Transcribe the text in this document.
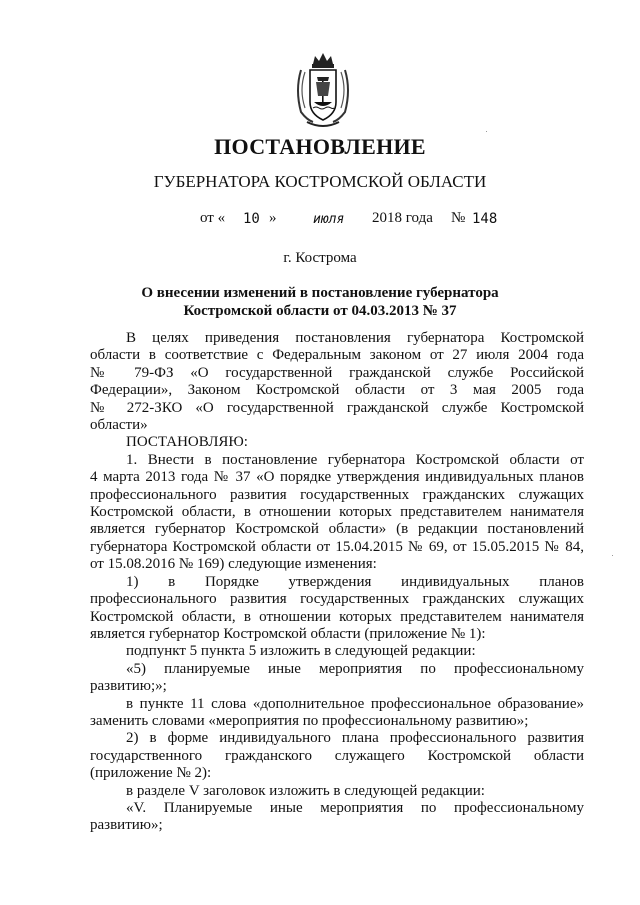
ПОСТАНОВЛЕНИЕ
ГУБЕРНАТОРА КОСТРОМСКОЙ ОБЛАСТИ
от « 10 »	июля 2018 года № 148
г. Кострома
О внесении изменений в постановление губернатора
Костромской области от 04.03.2013 № 37

В целях приведения постановления губернатора Костромской

области в соответствие с Федеральным законом от 27 июля 2004 года

№ 79-ФЗ «О государственной гражданской службе Российской

Федерации», Законом Костромской области от 3 мая 2005 года

№ 272-ЗКО «О государственной гражданской службе Костромской

области»

ПОСТАНОВЛЯЮ:

1. Внести в постановление губернатора Костромской области от

4 марта 2013 года № 37 «О порядке утверждения индивидуальных планов

профессионального развития государственных гражданских служащих

Костромской области, в отношении которых представителем нанимателя

является губернатор Костромской области» (в редакции постановлений

губернатора Костромской области от 15.04.2015 № 69, от 15.05.2015 № 84,

от 15.08.2016 № 169) следующие изменения:

1) в Порядке утверждения индивидуальных планов

профессионального развития государственных гражданских служащих

Костромской области, в отношении которых представителем нанимателя

является губернатор Костромской области (приложение № 1):

подпункт 5 пункта 5 изложить в следующей редакции:

«5) планируемые иные мероприятия по профессиональному

развитию;»;

в пункте 11 слова «дополнительное профессиональное образование»

заменить словами «мероприятия по профессиональному развитию»;

2) в форме индивидуального плана профессионального развития

государственного гражданского служащего Костромской области

(приложение № 2):

в разделе V заголовок изложить в следующей редакции:

«V. Планируемые иные мероприятия по профессиональному

развитию»;
